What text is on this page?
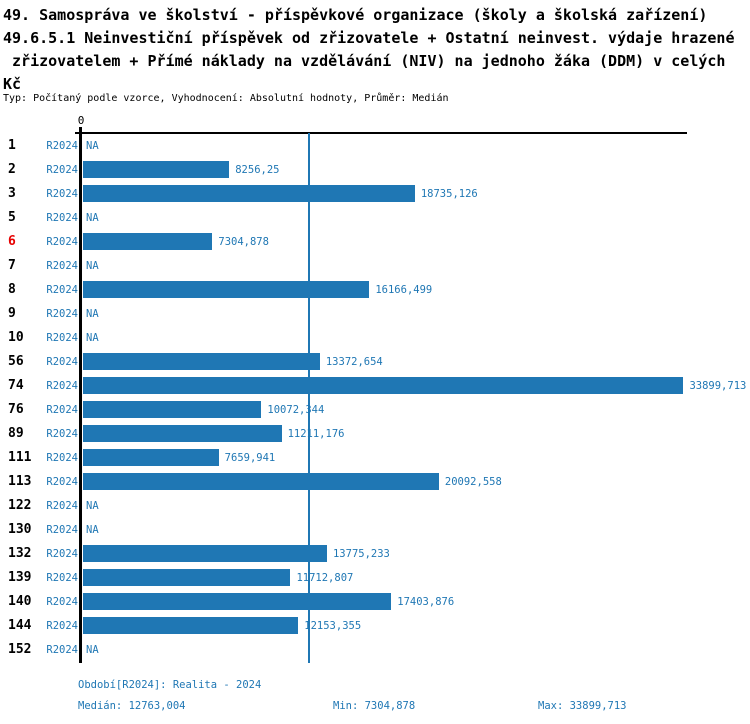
49. Samospráva ve školství - příspěvkové organizace (školy a školská zařízení)
49.6.5.1 Neinvestiční příspěvek od zřizovatele + Ostatní neinvest. výdaje hrazené
zřizovatelem + Přímé náklady na vzdělávání (NIV) na jednoho žáka (DDM) v celých
Kč
Typ: Počítaný podle vzorce, Vyhodnocení: Absolutní hodnoty, Průměr: Medián
0
1	R2024 NA
2	R2024	8256,25
3	R2024	18735,126
5	R2024 NA
6	R2024	7304,878
7	R2024 NA
8	R2024	16166,499
9	R2024 NA
10	R2024 NA
56	R2024	13372,654
74	R2024	33899,713
76	R2024	10072,344
89	R2024	11211,176
111	R2024	7659,941
113	R2024	20092,558
122	R2024 NA
130	R2024 NA
132	R2024	13775,233
139	R2024	11712,807
140	R2024	17403,876
144	R2024	12153,355
152	R2024 NA
Období[R2024]: Realita - 2024
Medián: 12763,004	Min: 7304,878	Max: 33899,713
